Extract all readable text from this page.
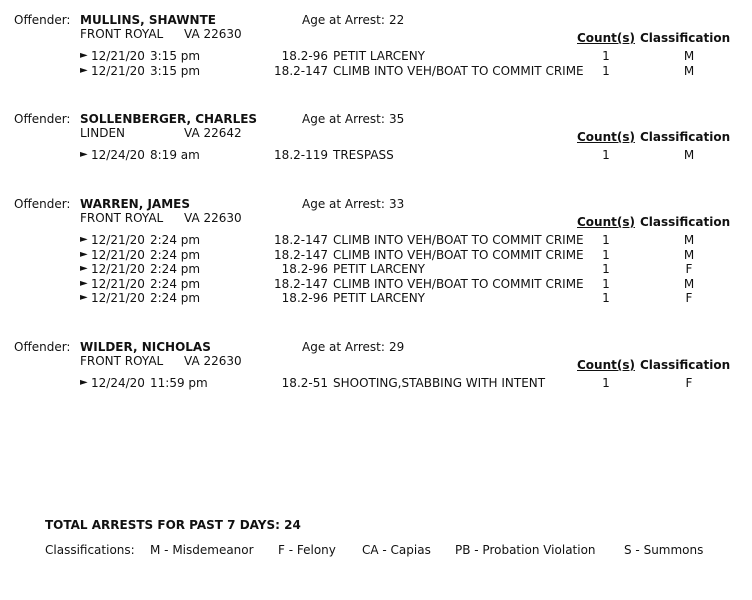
Offender: MULLINS, SHAWNTE	Age at Arrest: 22
FRONT ROYAL VA 22630	Count(s) Classification
► 12/21/20 3:15 pm	18.2-96 PETIT LARCENY	1	M
► 12/21/20 3:15 pm	18.2-147 CLIMB INTO VEH/BOAT TO COMMIT CRIME	1	M
Offender: SOLLENBERGER, CHARLES	Age at Arrest: 35
LINDEN	VA 22642	Count(s) Classification
► 12/24/20 8:19 am	18.2-119 TRESPASS	1	M
Offender: WARREN, JAMES	Age at Arrest: 33
FRONT ROYAL VA 22630	Count(s) Classification
► 12/21/20 2:24 pm	18.2-147 CLIMB INTO VEH/BOAT TO COMMIT CRIME	1	M
► 12/21/20 2:24 pm	18.2-147 CLIMB INTO VEH/BOAT TO COMMIT CRIME	1	M
► 12/21/20 2:24 pm	18.2-96 PETIT LARCENY	1	F
► 12/21/20 2:24 pm	18.2-147 CLIMB INTO VEH/BOAT TO COMMIT CRIME	1	M
► 12/21/20 2:24 pm	18.2-96 PETIT LARCENY	1	F
Offender: WILDER, NICHOLAS	Age at Arrest: 29
FRONT ROYAL VA 22630	Count(s) Classification
► 12/24/20 11:59 pm	18.2-51 SHOOTING,STABBING WITH INTENT	1	F
TOTAL ARRESTS FOR PAST 7 DAYS: 24
Classifications: M - Misdemeanor F - Felony CA - Capias PB - Probation Violation S - Summons
